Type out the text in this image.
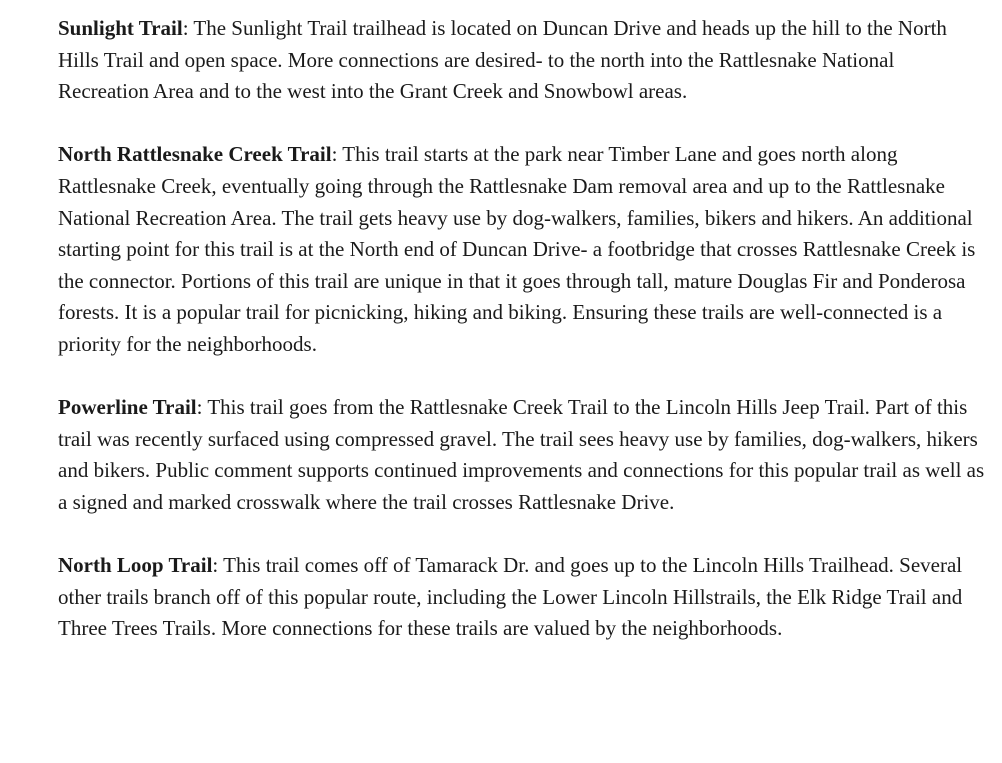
Sunlight Trail: The Sunlight Trail trailhead is located on Duncan Drive and heads up the hill to the North Hills Trail and open space. More connections are desired- to the north into the Rattlesnake National Recreation Area and to the west into the Grant Creek and Snowbowl areas.

North Rattlesnake Creek Trail: This trail starts at the park near Timber Lane and goes north along Rattlesnake Creek, eventually going through the Rattlesnake Dam removal area and up to the Rattlesnake National Recreation Area. The trail gets heavy use by dog-walkers, families, bikers and hikers. An additional starting point for this trail is at the North end of Duncan Drive- a footbridge that crosses Rattlesnake Creek is the connector. Portions of this trail are unique in that it goes through tall, mature Douglas Fir and Ponderosa forests. It is a popular trail for picnicking, hiking and biking. Ensuring these trails are well-connected is a priority for the neighborhoods.

Powerline Trail: This trail goes from the Rattlesnake Creek Trail to the Lincoln Hills Jeep Trail. Part of this trail was recently surfaced using compressed gravel. The trail sees heavy use by families, dog-walkers, hikers and bikers. Public comment supports continued improvements and connections for this popular trail as well as a signed and marked crosswalk where the trail crosses Rattlesnake Drive.

North Loop Trail: This trail comes off of Tamarack Dr. and goes up to the Lincoln Hills Trailhead. Several other trails branch off of this popular route, including the Lower Lincoln Hillstrails, the Elk Ridge Trail and Three Trees Trails. More connections for these trails are valued by the neighborhoods.
